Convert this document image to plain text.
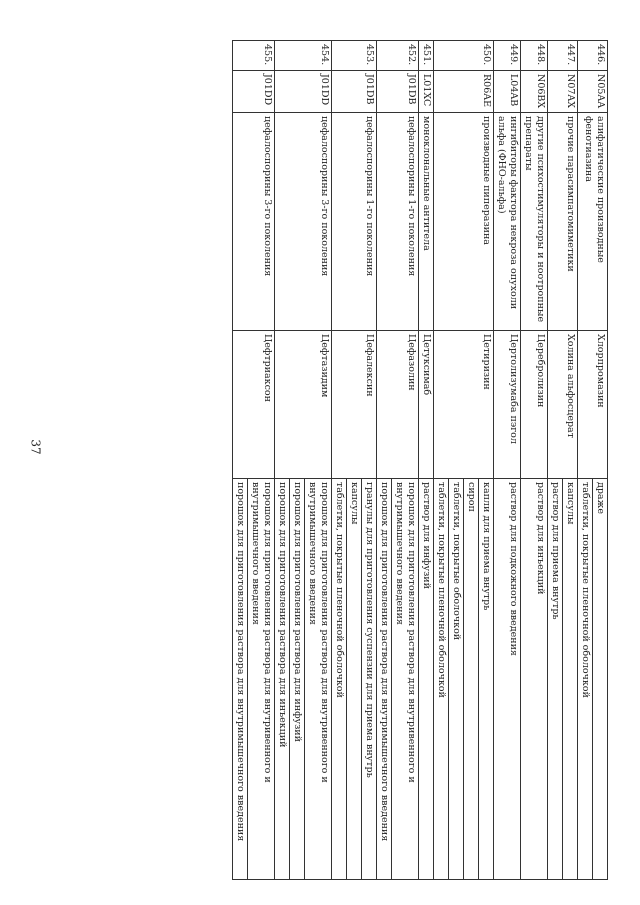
37
446.	N05AA	алифатические производные фенотиазина	Хлорпромазин	драже
				таблетки, покрытые пленочной оболочкой
447.	N07AX	прочие парасимпатомиметики	Холина альфосцерат	капсулы
				раствор для приема внутрь
448.	N06BX	другие психостимуляторы и ноотропные препараты	Церебролизин	раствор для инъекций
449.	L04AB	ингибиторы фактора некроза опухоли альфа (ФНО-альфа)	Цертолизумаба пэгол	раствор для подкожного введения
450.	R06AE	производные пиперазина	Цетиризин	капли для приема внутрь
				сироп
				таблетки, покрытые оболочкой
				таблетки, покрытые пленочной оболочкой
451.	L01XC	моноклональные антитела	Цетуксимаб	раствор для инфузий
452.	J01DB	цефалоспорины 1-го поколения	Цефазолин	порошок для приготовления раствора для внутривенного и внутримышечного введения
				порошок для приготовления раствора для внутримышечного введения
453.	J01DB	цефалоспорины 1-го поколения	Цефалексин	гранулы для приготовления суспензии для приема внутрь
				капсулы
				таблетки, покрытые пленочной оболочкой
454.	J01DD	цефалоспорины 3-го поколения	Цефтазидим	порошок для приготовления раствора для внутривенного и внутримышечного введения
				порошок для приготовления раствора для инфузий
				порошок для приготовления раствора для инъекций
455.	J01DD	цефалоспорины 3-го поколения	Цефтриаксон	порошок для приготовления раствора для внутривенного и внутримышечного введения
				порошок для приготовления раствора для внутримышечного введения
